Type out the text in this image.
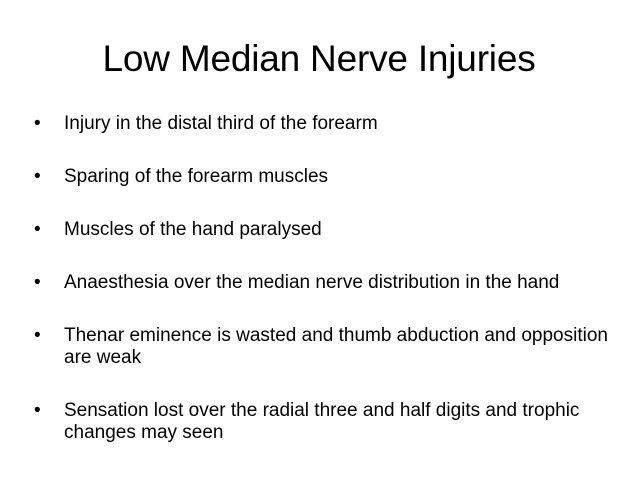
Low Median Nerve Injuries
•	Injury in the distal third of the forearm
•	Sparing of the forearm muscles
•	Muscles of the hand paralysed
•	Anaesthesia over the median nerve distribution in the hand
•	Thenar eminence is wasted and thumb abduction and opposition are weak
•	Sensation lost over the radial three and half digits and trophic changes may seen
